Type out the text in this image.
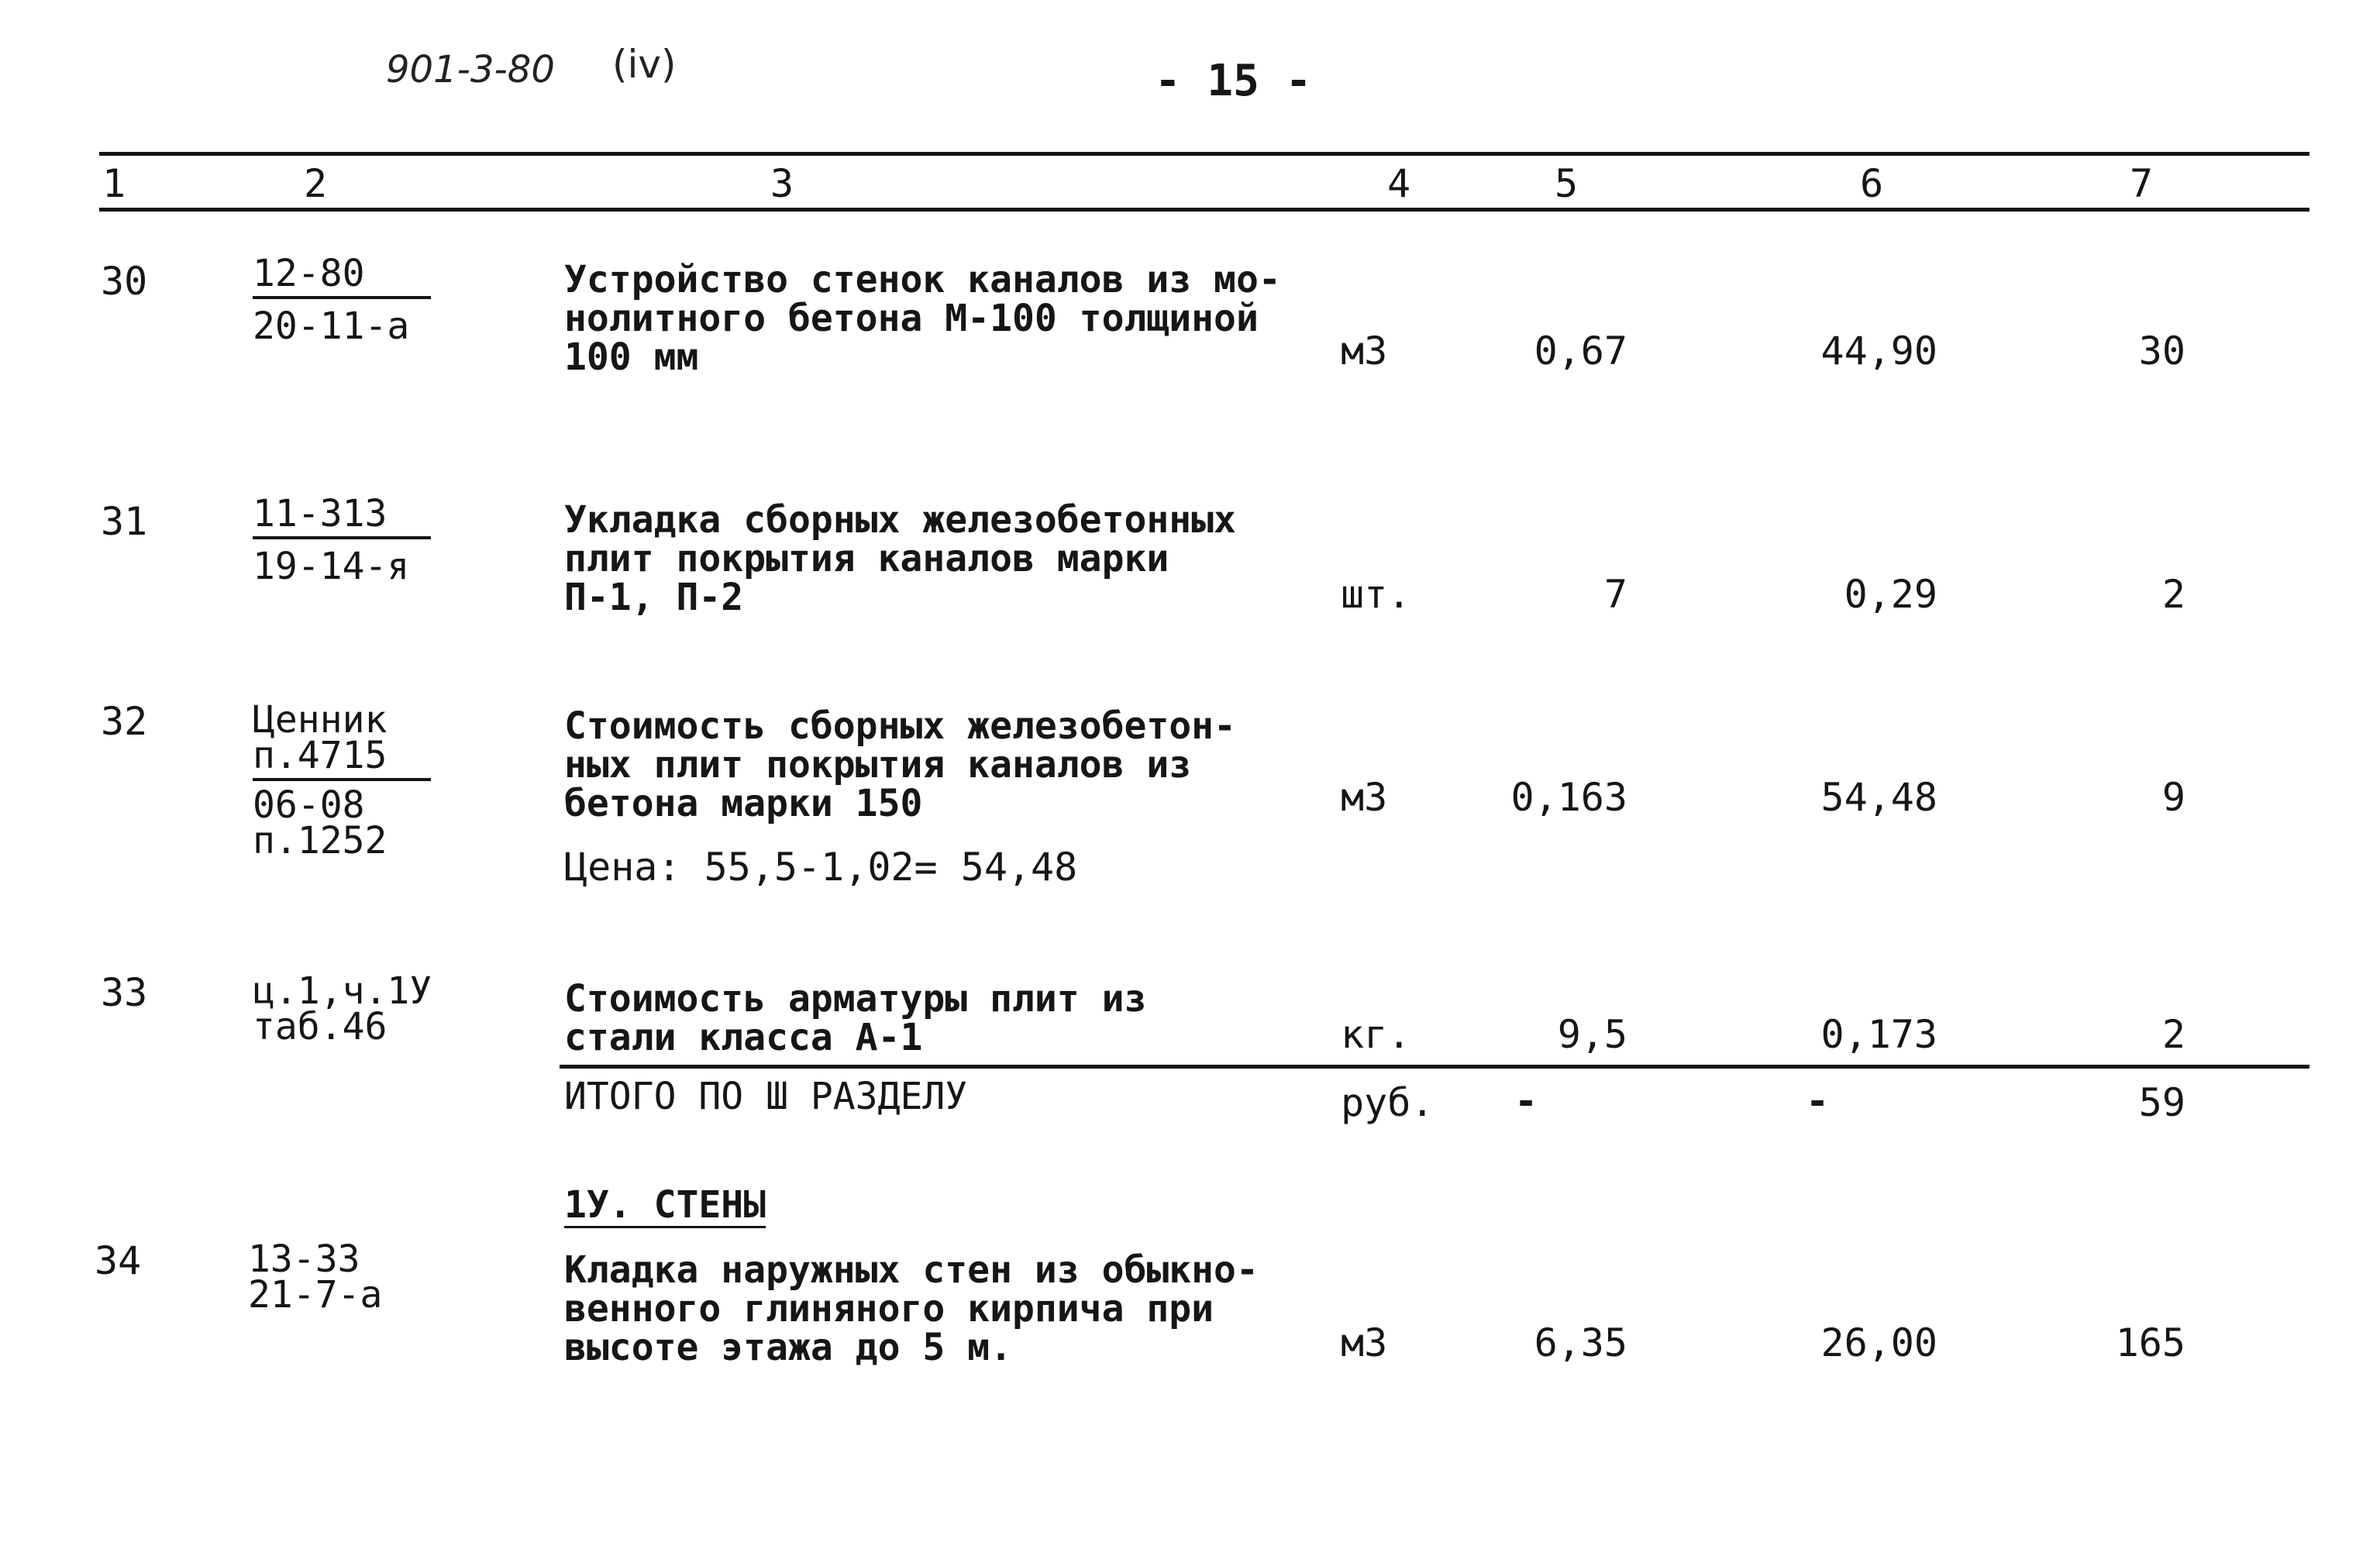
901-3-80 (iv)	- 15 -
1	2	3	4	5	6	7
30	12-80
20-11-a
Устройство стенок каналов из мо-
нолитного бетона М-100 толщиной
100 мм	м3	0,67	44,90	30
31	11-313
19-14-я
Укладка сборных железобетонных
плит покрытия каналов марки
П-1, П-2	шт.	7	0,29	2
32	Ценник
п.4715
06-08
п.1252
Стоимость сборных железобетон-
ных плит покрытия каналов из
бетона марки 150
Цена: 55,5-1,02= 54,48
м3	0,163	54,48	9
33	ц.1,ч.1У
таб.46
Стоимость арматуры плит из
стали класса А-1	кг.	9,5	0,173	2
ИТОГО ПО Ш РАЗДЕЛУ	руб. -	-	59
1У. СТЕНЫ
34	13-33
21-7-a
Кладка наружных стен из обыкно-
венного глиняного кирпича при
высоте этажа до 5 м.	м3	6,35	26,00	165
